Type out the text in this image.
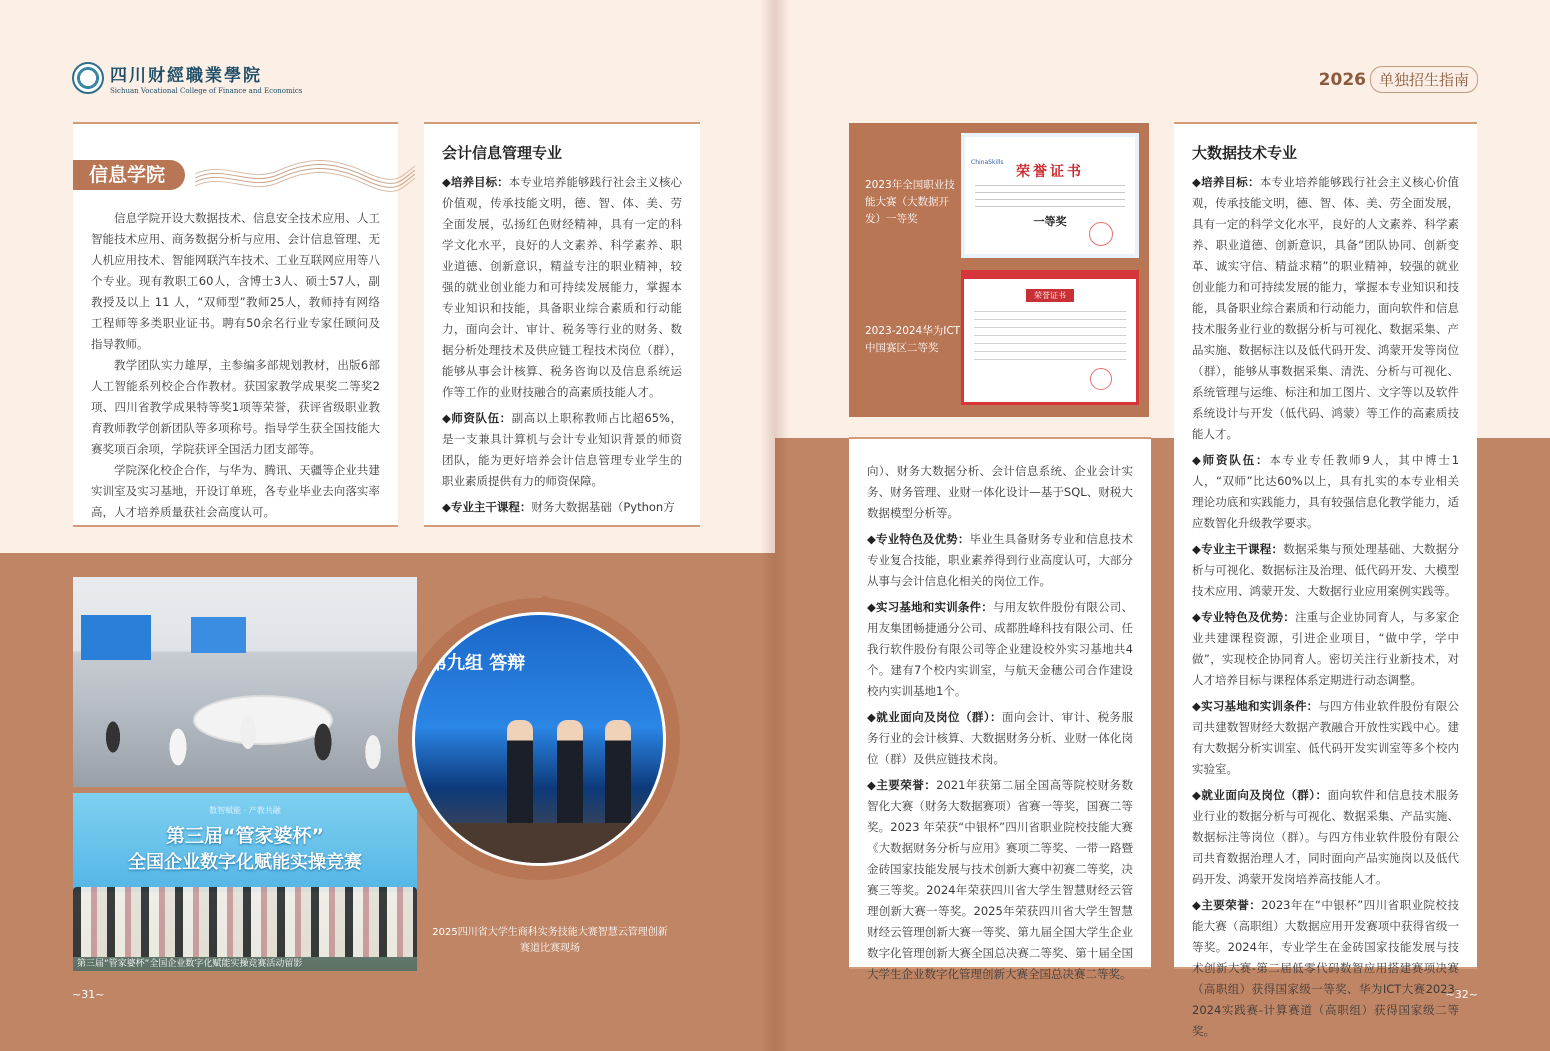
四川财經職業學院
Sichuan Vocational College of Finance and Economics
信息学院

信息学院开设大数据技术、信息安全技术应用、人工智能技术应用、商务数据分析与应用、会计信息管理、无人机应用技术、智能网联汽车技术、工业互联网应用等八个专业。现有教职工60人，含博士3人、硕士57人，副教授及以上 11 人，“双师型”教师25人，教师持有网络工程师等多类职业证书。聘有50余名行业专家任顾问及指导教师。

教学团队实力雄厚，主参编多部规划教材，出版6部人工智能系列校企合作教材。获国家教学成果奖二等奖2项、四川省教学成果特等奖1项等荣誉，获评省级职业教育教师教学创新团队等多项称号。指导学生获全国技能大赛奖项百余项，学院获评全国活力团支部等。

学院深化校企合作，与华为、腾讯、天疆等企业共建实训室及实习基地，开设订单班，各专业毕业去向落实率高，人才培养质量获社会高度认可。

会计信息管理专业

◆培养目标：本专业培养能够践行社会主义核心价值观，传承技能文明，德、智、体、美、劳全面发展，弘扬红色财经精神，具有一定的科学文化水平，良好的人文素养、科学素养、职业道德、创新意识，精益专注的职业精神，较强的就业创业能力和可持续发展能力，掌握本专业知识和技能，具备职业综合素质和行动能力，面向会计、审计、税务等行业的财务、数据分析处理技术及供应链工程技术岗位（群），能够从事会计核算、税务咨询以及信息系统运作等工作的业财技融合的高素质技能人才。

◆师资队伍：副高以上职称教师占比超65%，是一支兼具计算机与会计专业知识背景的师资团队，能为更好培养会计信息管理专业学生的职业素质提供有力的师资保障。

◆专业主干课程：财务大数据基础（Python方

数智赋能 · 产教共融
第三届“管家婆杯”
全国企业数字化赋能实操竞赛
第三届“管家婆杯”全国企业数字化赋能实操竞赛活动留影
第九组 答辩
2025四川省大学生商科实务技能大赛智慧云管理创新赛道比赛现场
~31~
2026 单独招生指南
2023年全国职业技能大赛（大数据开发）一等奖
ChinaSkills
荣誉证书
一等奖
2023-2024华为ICT中国赛区二等奖
荣誉证书

向）、财务大数据分析、会计信息系统、企业会计实务、财务管理、业财一体化设计—基于SQL、财税大数据模型分析等。

◆专业特色及优势：毕业生具备财务专业和信息技术专业复合技能，职业素养得到行业高度认可，大部分从事与会计信息化相关的岗位工作。

◆实习基地和实训条件：与用友软件股份有限公司、用友集团畅捷通分公司、成都胜峰科技有限公司、任我行软件股份有限公司等企业建设校外实习基地共4个。建有7个校内实训室，与航天金穗公司合作建设校内实训基地1个。

◆就业面向及岗位（群）：面向会计、审计、税务服务行业的会计核算、大数据财务分析、业财一体化岗位（群）及供应链技术岗。

◆主要荣誉：2021年获第二届全国高等院校财务数智化大赛（财务大数据赛项）省赛一等奖，国赛二等奖。2023 年荣获“中银杯”四川省职业院校技能大赛《大数据财务分析与应用》赛项二等奖、一带一路暨金砖国家技能发展与技术创新大赛中初赛二等奖，决赛三等奖。2024年荣获四川省大学生智慧财经云管理创新大赛一等奖。2025年荣获四川省大学生智慧财经云管理创新大赛一等奖、第九届全国大学生企业数字化管理创新大赛全国总决赛二等奖、第十届全国大学生企业数字化管理创新大赛全国总决赛二等奖。

大数据技术专业

◆培养目标：本专业培养能够践行社会主义核心价值观，传承技能文明，德、智、体、美、劳全面发展，具有一定的科学文化水平，良好的人文素养、科学素养、职业道德、创新意识，具备“团队协同、创新变革、诚实守信、精益求精”的职业精神，较强的就业创业能力和可持续发展的能力，掌握本专业知识和技能，具备职业综合素质和行动能力，面向软件和信息技术服务业行业的数据分析与可视化、数据采集、产品实施、数据标注以及低代码开发、鸿蒙开发等岗位（群），能够从事数据采集、清洗、分析与可视化、系统管理与运维、标注和加工图片、文字等以及软件系统设计与开发（低代码、鸿蒙）等工作的高素质技能人才。

◆师资队伍：本专业专任教师9人，其中博士1人，“双师”比达60%以上，具有扎实的本专业相关理论功底和实践能力，具有较强信息化教学能力，适应数智化升级教学要求。

◆专业主干课程：数据采集与预处理基础、大数据分析与可视化、数据标注及治理、低代码开发、大模型技术应用、鸿蒙开发、大数据行业应用案例实践等。

◆专业特色及优势：注重与企业协同育人，与多家企业共建课程资源，引进企业项目，“做中学，学中做”，实现校企协同育人。密切关注行业新技术，对人才培养目标与课程体系定期进行动态调整。

◆实习基地和实训条件：与四方伟业软件股份有限公司共建数智财经大数据产教融合开放性实践中心。建有大数据分析实训室、低代码开发实训室等多个校内实验室。

◆就业面向及岗位（群）：面向软件和信息技术服务业行业的数据分析与可视化、数据采集、产品实施、数据标注等岗位（群）。与四方伟业软件股份有限公司共育数据治理人才，同时面向产品实施岗以及低代码开发、鸿蒙开发岗培养高技能人才。

◆主要荣誉：2023年在“中银杯”四川省职业院校技能大赛（高职组）大数据应用开发赛项中获得省级一等奖。2024年，专业学生在金砖国家技能发展与技术创新大赛-第二届低零代码数智应用搭建赛项决赛（高职组）获得国家级一等奖、华为ICT大赛2023-2024实践赛-计算赛道（高职组）获得国家级二等奖。

~32~
